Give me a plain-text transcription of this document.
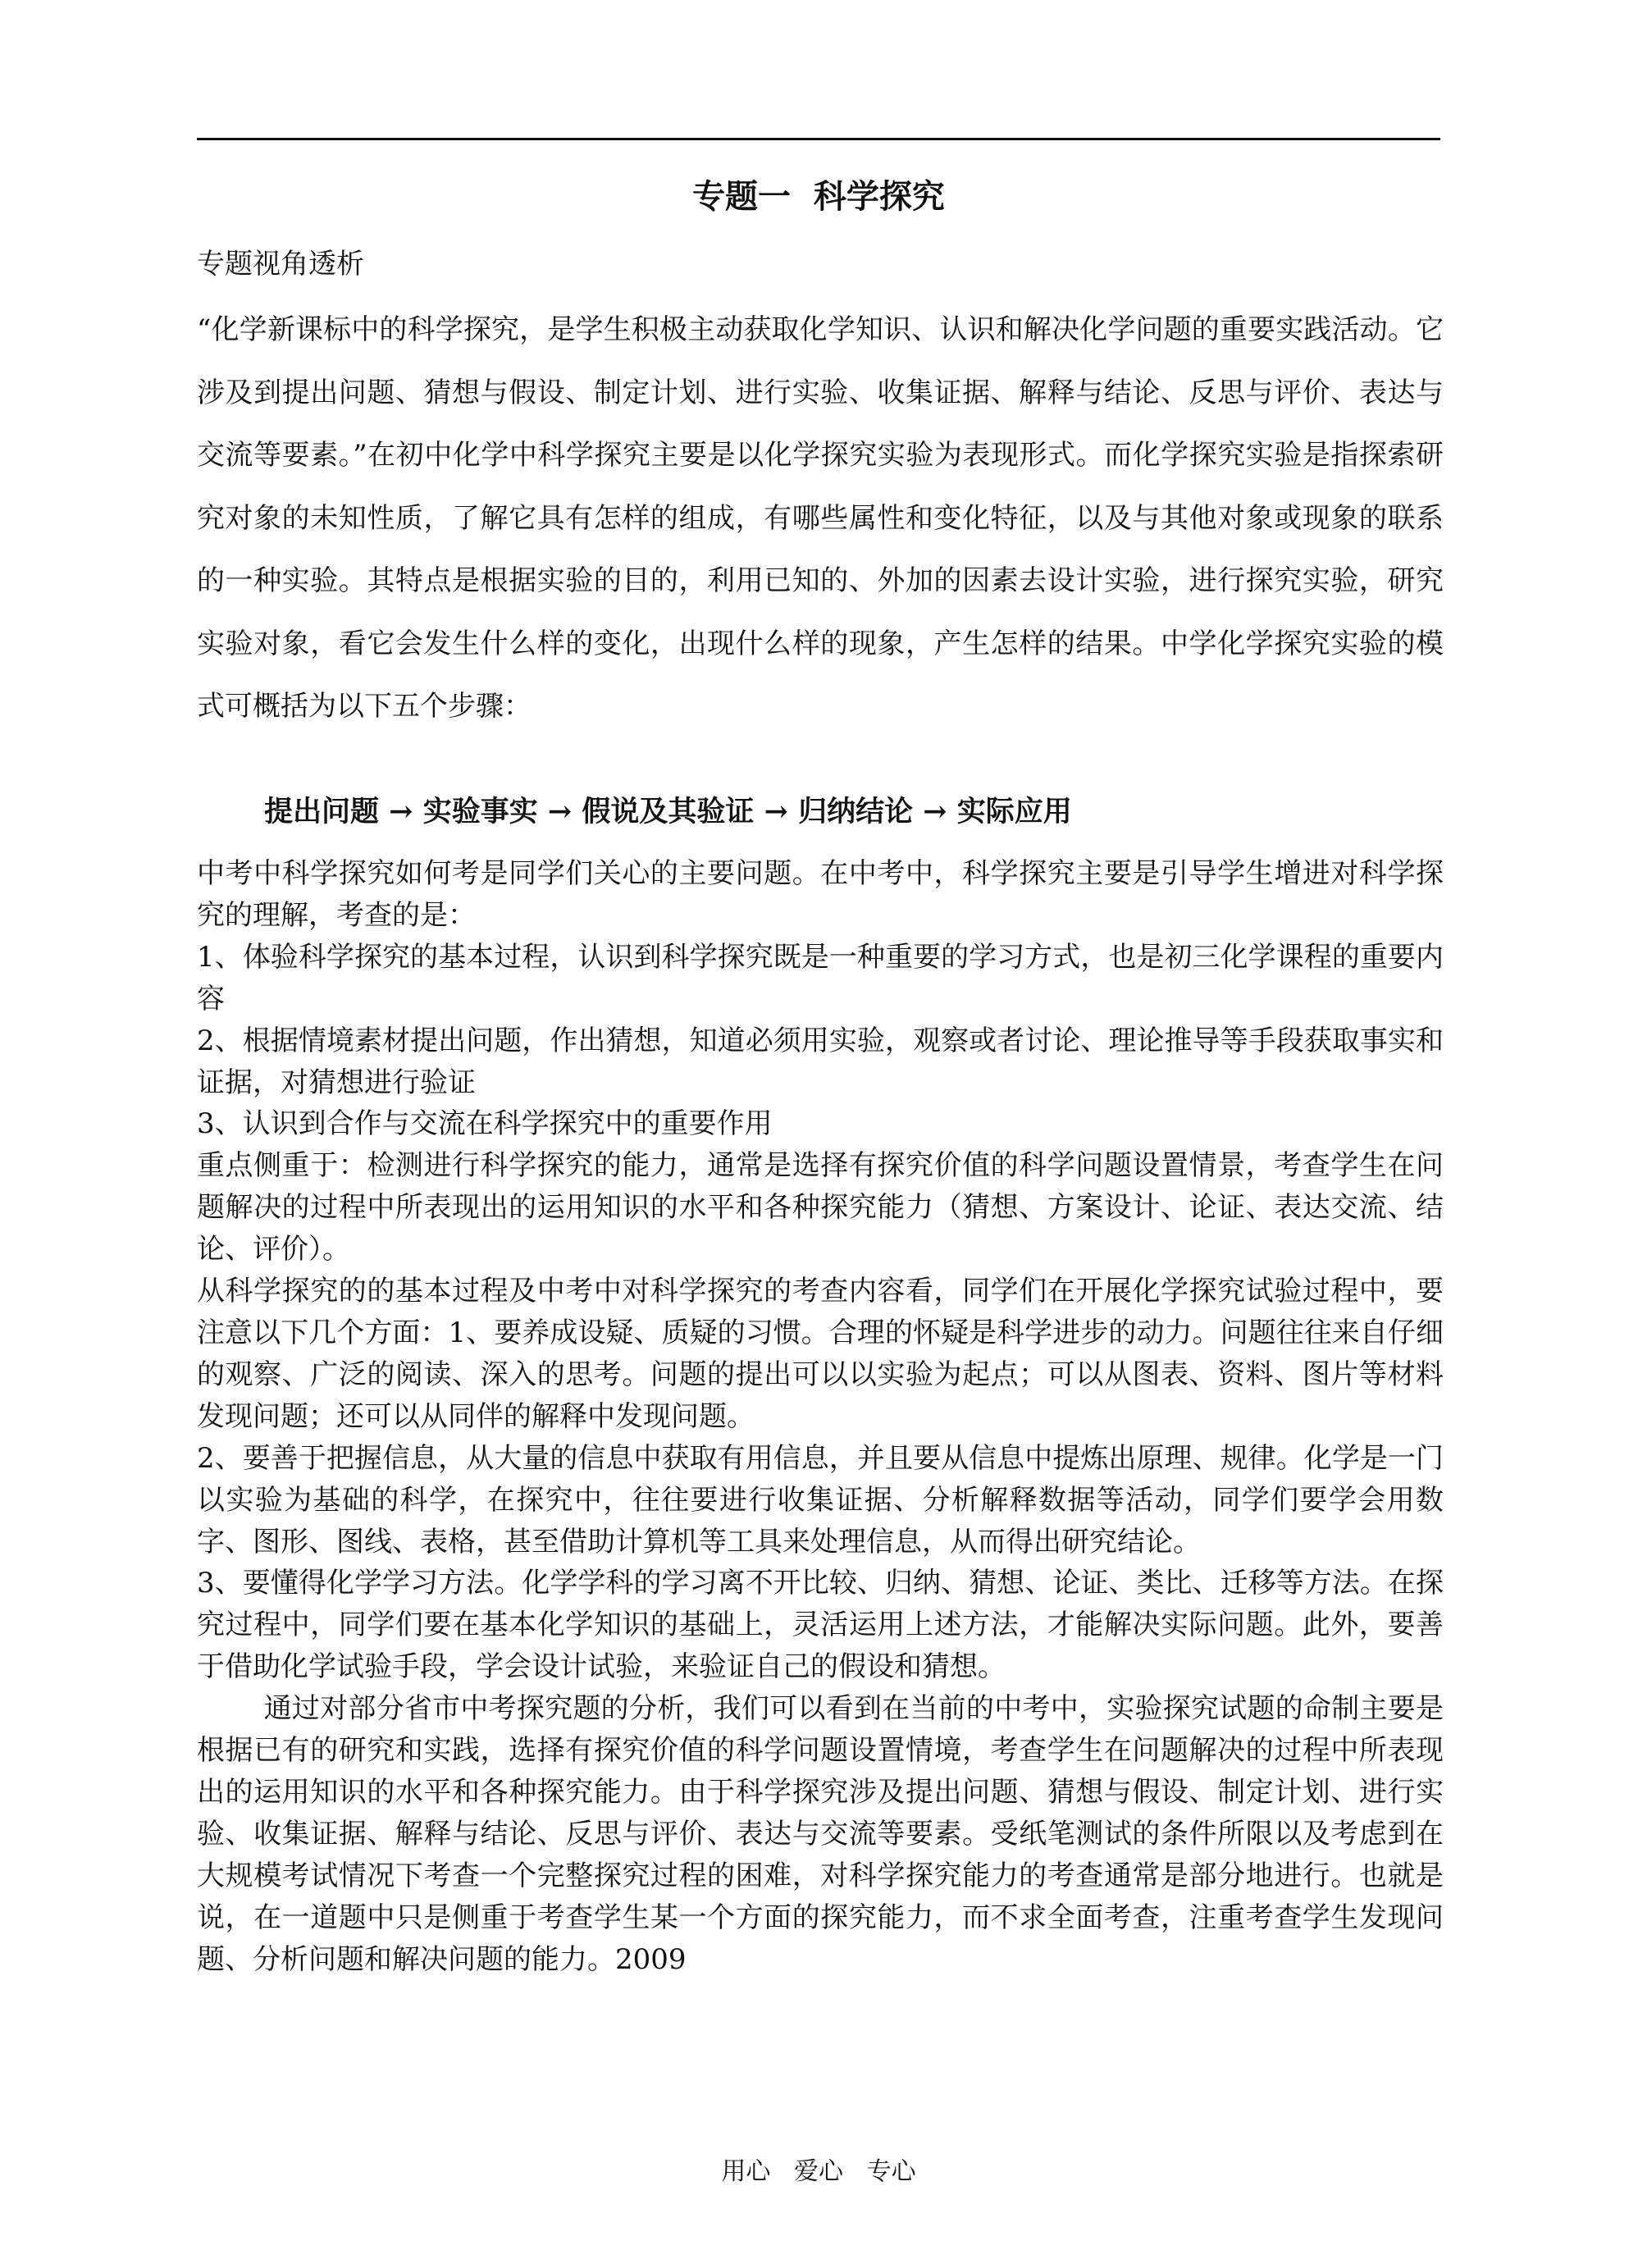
专题一  科学探究
专题视角透析
“化学新课标中的科学探究，是学生积极主动获取化学知识、认识和解决化学问题的重要实践活动。它涉及到提出问题、猜想与假设、制定计划、进行实验、收集证据、解释与结论、反思与评价、表达与交流等要素。”在初中化学中科学探究主要是以化学探究实验为表现形式。而化学探究实验是指探索研究对象的未知性质，了解它具有怎样的组成，有哪些属性和变化特征，以及与其他对象或现象的联系的一种实验。其特点是根据实验的目的，利用已知的、外加的因素去设计实验，进行探究实验，研究实验对象，看它会发生什么样的变化，出现什么样的现象，产生怎样的结果。中学化学探究实验的模式可概括为以下五个步骤：
提出问题 → 实验事实 → 假说及其验证 → 归纳结论 → 实际应用

中考中科学探究如何考是同学们关心的主要问题。在中考中，科学探究主要是引导学生增进对科学探究的理解，考查的是：

1、体验科学探究的基本过程，认识到科学探究既是一种重要的学习方式，也是初三化学课程的重要内容

2、根据情境素材提出问题，作出猜想，知道必须用实验，观察或者讨论、理论推导等手段获取事实和证据，对猜想进行验证

3、认识到合作与交流在科学探究中的重要作用

重点侧重于：检测进行科学探究的能力，通常是选择有探究价值的科学问题设置情景，考查学生在问题解决的过程中所表现出的运用知识的水平和各种探究能力（猜想、方案设计、论证、表达交流、结论、评价）。

从科学探究的的基本过程及中考中对科学探究的考查内容看，同学们在开展化学探究试验过程中，要注意以下几个方面：1、要养成设疑、质疑的习惯。合理的怀疑是科学进步的动力。问题往往来自仔细的观察、广泛的阅读、深入的思考。问题的提出可以以实验为起点；可以从图表、资料、图片等材料发现问题；还可以从同伴的解释中发现问题。

2、要善于把握信息，从大量的信息中获取有用信息，并且要从信息中提炼出原理、规律。化学是一门以实验为基础的科学，在探究中，往往要进行收集证据、分析解释数据等活动，同学们要学会用数字、图形、图线、表格，甚至借助计算机等工具来处理信息，从而得出研究结论。

3、要懂得化学学习方法。化学学科的学习离不开比较、归纳、猜想、论证、类比、迁移等方法。在探究过程中，同学们要在基本化学知识的基础上，灵活运用上述方法，才能解决实际问题。此外，要善于借助化学试验手段，学会设计试验，来验证自己的假设和猜想。

通过对部分省市中考探究题的分析，我们可以看到在当前的中考中，实验探究试题的命制主要是根据已有的研究和实践，选择有探究价值的科学问题设置情境，考查学生在问题解决的过程中所表现出的运用知识的水平和各种探究能力。由于科学探究涉及提出问题、猜想与假设、制定计划、进行实验、收集证据、解释与结论、反思与评价、表达与交流等要素。受纸笔测试的条件所限以及考虑到在大规模考试情况下考查一个完整探究过程的困难，对科学探究能力的考查通常是部分地进行。也就是说，在一道题中只是侧重于考查学生某一个方面的探究能力，而不求全面考查，注重考查学生发现问题、分析问题和解决问题的能力。2009

用心   爱心   专心
